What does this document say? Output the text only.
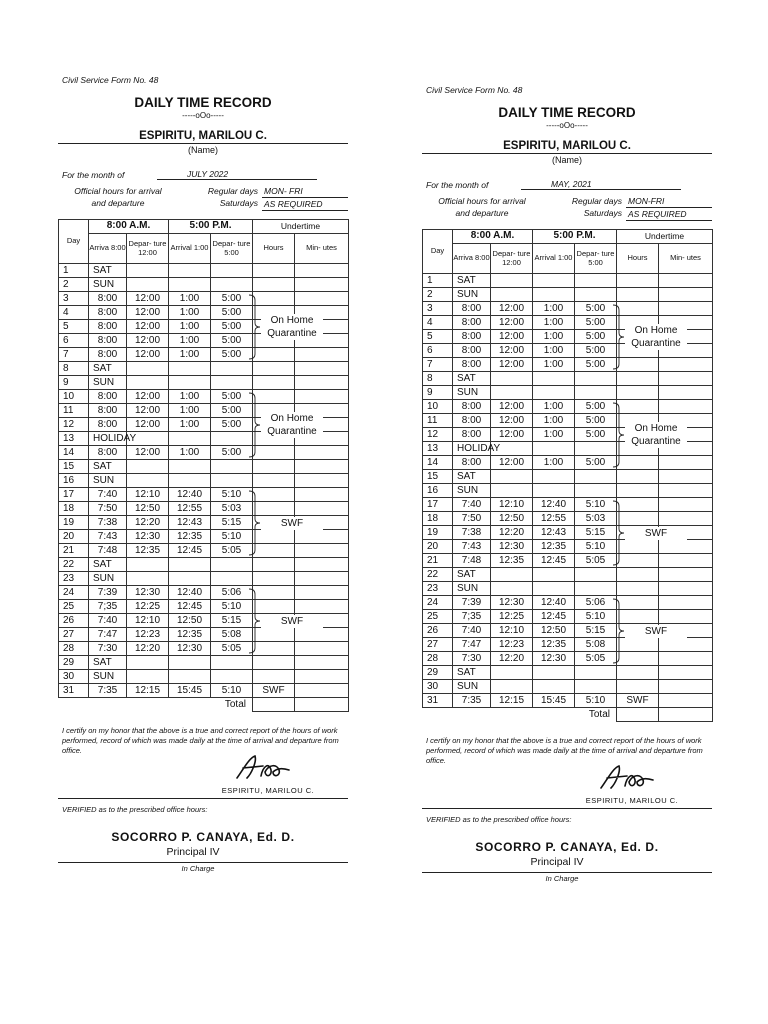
Civil Service Form No. 48
DAILY TIME RECORD
-----oOo-----
ESPIRITU, MARILOU C.
(Name)
For the month of	JULY 2022
Official hours for arrival
and departure
Regular days
Saturdays
MON- FRI
AS REQUIRED
Day	8:00 A.M.		5:00 P.M.		Undertime	
	Arriva 8:00	Depar- ture 12:00	Arrival 1:00	Depar- ture 5:00	Hours	Min- utes
1	SAT					
2	SUN					
3	8:00	12:00	1:00	5:00	On Home
Quarantine	

4	8:00	12:00	1:00	5:00		
5	8:00	12:00	1:00	5:00		
6	8:00	12:00	1:00	5:00		
7	8:00	12:00	1:00	5:00		
8	SAT					
9	SUN					
10	8:00	12:00	1:00	5:00	On Home
Quarantine	

11	8:00	12:00	1:00	5:00		
12	8:00	12:00	1:00	5:00		
13	HOLIDAY					
14	8:00	12:00	1:00	5:00		
15	SAT					
16	SUN					
17	7:40	12:10	12:40	5:10	SWF	

18	7:50	12:50	12:55	5:03		
19	7:38	12:20	12:43	5:15		
20	7:43	12:30	12:35	5:10		
21	7:48	12:35	12:45	5:05		
22	SAT					
23	SUN					
24	7:39	12:30	12:40	5:06	SWF	

25	7;35	12:25	12:45	5:10		
26	7:40	12:10	12:50	5:15		
27	7:47	12:23	12:35	5:08		
28	7:30	12:20	12:30	5:05		
29	SAT					
30	SUN					
31	7:35	12:15	15:45	5:10	SWF	
				Total		
I certify on my honor that the above is a true and correct report of the hours of work performed, record of which was made daily at the time of arrival and departure from office.
ESPIRITU, MARILOU C.
VERIFIED as to the prescribed office hours:
SOCORRO P. CANAYA, Ed. D.
Principal IV
In Charge
Civil Service Form No. 48
DAILY TIME RECORD
-----oOo-----
ESPIRITU, MARILOU C.
(Name)
For the month of	MAY, 2021
Official hours for arrival
and departure
Regular days
Saturdays
MON-FRI
AS REQUIRED
Day	8:00 A.M.		5:00 P.M.		Undertime	
	Arriva 8:00	Depar- ture 12:00	Arrival 1:00	Depar- ture 5:00	Hours	Min- utes
1	SAT					
2	SUN					
3	8:00	12:00	1:00	5:00	On Home
Quarantine	

4	8:00	12:00	1:00	5:00		
5	8:00	12:00	1:00	5:00		
6	8:00	12:00	1:00	5:00		
7	8:00	12:00	1:00	5:00		
8	SAT					
9	SUN					
10	8:00	12:00	1:00	5:00	On Home
Quarantine	

11	8:00	12:00	1:00	5:00		
12	8:00	12:00	1:00	5:00		
13	HOLIDAY					
14	8:00	12:00	1:00	5:00		
15	SAT					
16	SUN					
17	7:40	12:10	12:40	5:10	SWF	

18	7:50	12:50	12:55	5:03		
19	7:38	12:20	12:43	5:15		
20	7:43	12:30	12:35	5:10		
21	7:48	12:35	12:45	5:05		
22	SAT					
23	SUN					
24	7:39	12:30	12:40	5:06	SWF	

25	7;35	12:25	12:45	5:10		
26	7:40	12:10	12:50	5:15		
27	7:47	12:23	12:35	5:08		
28	7:30	12:20	12:30	5:05		
29	SAT					
30	SUN					
31	7:35	12:15	15:45	5:10	SWF	
				Total		
I certify on my honor that the above is a true and correct report of the hours of work performed, record of which was made daily at the time of arrival and departure from office.
ESPIRITU, MARILOU C.
VERIFIED as to the prescribed office hours:
SOCORRO P. CANAYA, Ed. D.
Principal IV
In Charge
